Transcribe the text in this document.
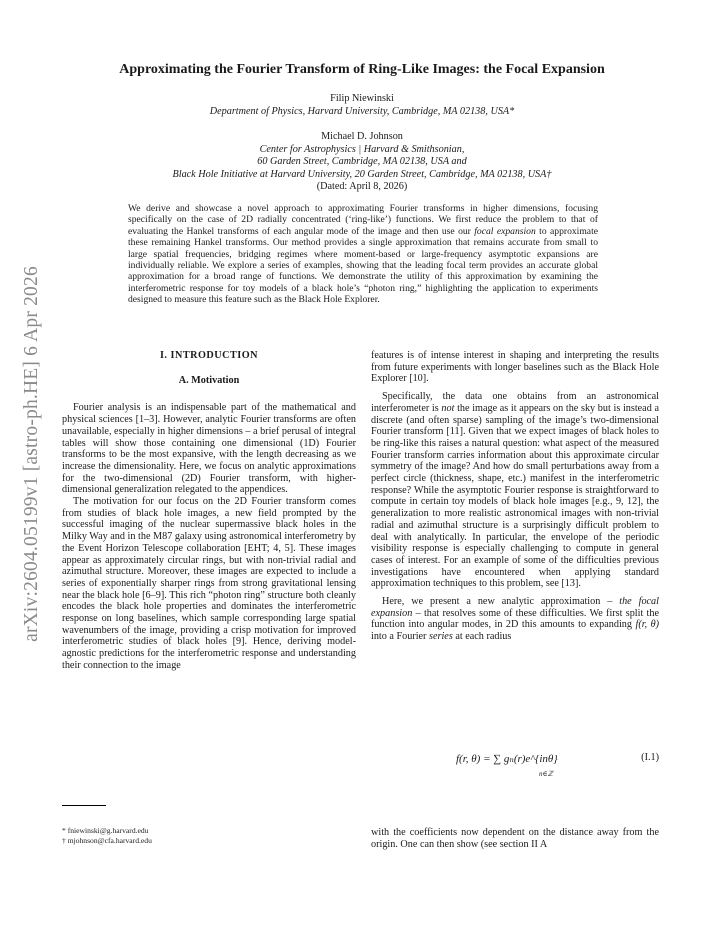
arXiv:2604.05199v1 [astro-ph.HE] 6 Apr 2026
Approximating the Fourier Transform of Ring-Like Images: the Focal Expansion
Filip Niewinski
Department of Physics, Harvard University, Cambridge, MA 02138, USA*
Michael D. Johnson
Center for Astrophysics | Harvard & Smithsonian,
60 Garden Street, Cambridge, MA 02138, USA and
Black Hole Initiative at Harvard University, 20 Garden Street, Cambridge, MA 02138, USA†
(Dated: April 8, 2026)
We derive and showcase a novel approach to approximating Fourier transforms in higher dimensions, focusing specifically on the case of 2D radially concentrated (‘ring-like’) functions. We first reduce the problem to that of evaluating the Hankel transforms of each angular mode of the image and then use our focal expansion to approximate these remaining Hankel transforms. Our method provides a single approximation that remains accurate from small to large spatial frequencies, bridging regimes where moment-based or large-frequency asymptotic expansions are individually reliable. We explore a series of examples, showing that the leading focal term provides an accurate global approximation for a broad range of functions. We demonstrate the utility of this approximation by examining the interferometric response for toy models of a black hole’s “photon ring,” highlighting the application to experiments designed to measure this feature such as the Black Hole Explorer.
I. INTRODUCTION
A. Motivation

Fourier analysis is an indispensable part of the mathematical and physical sciences [1–3]. However, analytic Fourier transforms are often unavailable, especially in higher dimensions – a brief perusal of integral tables will show those containing one dimensional (1D) Fourier transforms to be the most expansive, with the length decreasing as we increase the dimensionality. Here, we focus on analytic approximations for the two-dimensional (2D) Fourier transform, with higher-dimensional generalization relegated to the appendices.

The motivation for our focus on the 2D Fourier transform comes from studies of black hole images, a new field prompted by the successful imaging of the nuclear supermassive black holes in the Milky Way and in the M87 galaxy using astronomical interferometry by the Event Horizon Telescope collaboration [EHT; 4, 5]. These images appear as approximately circular rings, but with non-trivial radial and azimuthal structure. Moreover, these images are expected to include a series of exponentially sharper rings from strong gravitational lensing near the black hole [6–9]. This rich “photon ring” structure both cleanly encodes the black hole properties and dominates the interferometric response on long baselines, which sample corresponding large spatial wavenumbers of the image, providing a crisp motivation for improved interferometric studies of black holes [9]. Hence, deriving model-agnostic predictions for the interferometric response and understanding their connection to the image

features is of intense interest in shaping and interpreting the results from future experiments with longer baselines such as the Black Hole Explorer [10].

Specifically, the data one obtains from an astronomical interferometer is not the image as it appears on the sky but is instead a discrete (and often sparse) sampling of the image’s two-dimensional Fourier transform [11]. Given that we expect images of black holes to be ring-like this raises a natural question: what aspect of the measured Fourier transform carries information about this approximate circular symmetry of the image? And how do small perturbations away from a perfect circle (thickness, shape, etc.) manifest in the interferometric response? While the asymptotic Fourier response is straightforward to compute in certain toy models of black hole images [e.g., 9, 12], the generalization to more realistic astronomical images with non-trivial radial and azimuthal structure is a surprisingly difficult problem to deal with analytically. In particular, the envelope of the periodic visibility response is especially challenging to compute in general cases of interest. For an example of some of the difficulties previous investigations have encountered when applying standard approximation techniques to this problem, see [13].

Here, we present a new analytic approximation – the focal expansion – that resolves some of these difficulties. We first split the function into angular modes, in 2D this amounts to expanding f(r, θ) into a Fourier series at each radius

f(r, θ) = ∑ gₙ(r)e^{inθ}
n∈ℤ
(I.1)
* fniewinski@g.harvard.edu
† mjohnson@cfa.harvard.edu
with the coefficients now dependent on the distance away from the origin. One can then show (see section II A
